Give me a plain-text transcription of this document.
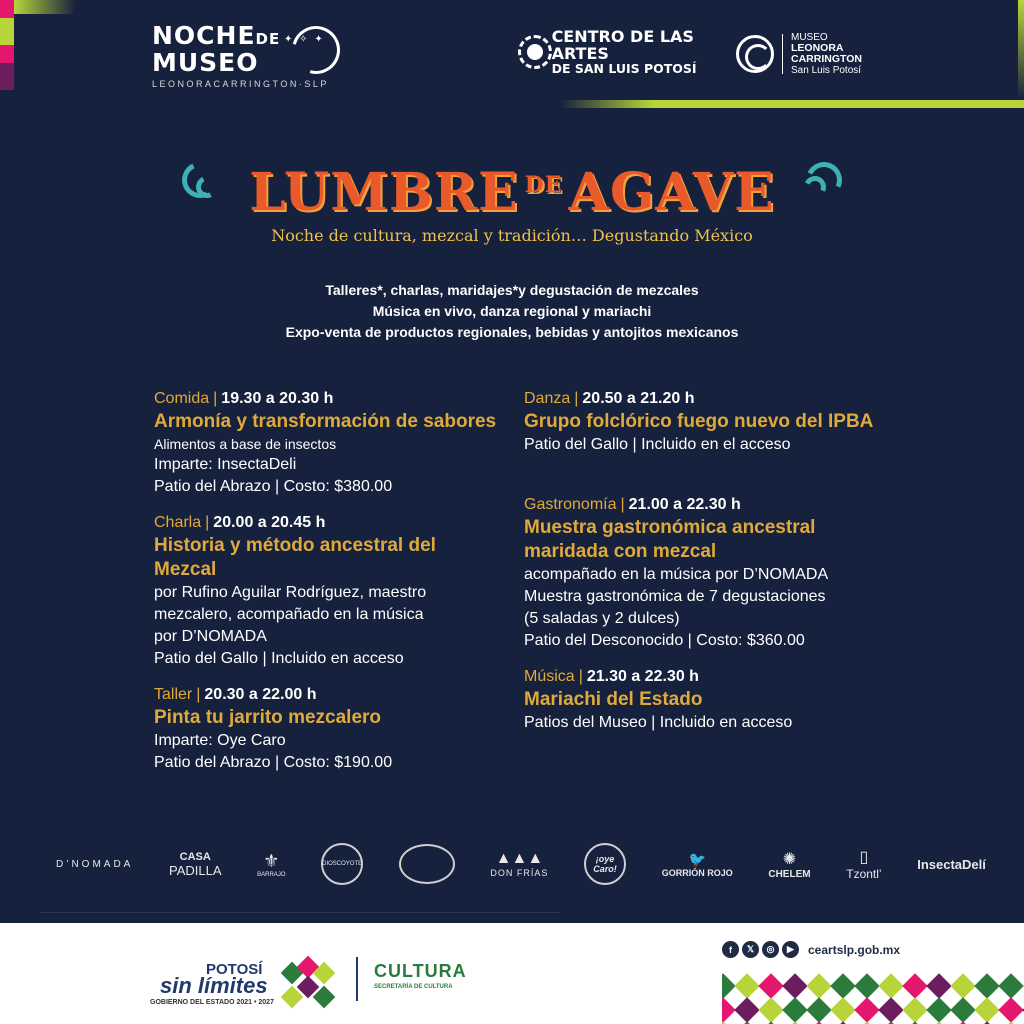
NOCHEDE
MUSEO
LEONORACARRINGTON·SLP
✦ ✧ ✦	CENTRO DE LAS ARTES
DE SAN LUIS POTOSÍ
MUSEO
LEONORA
CARRINGTON
San Luis Potosí
LUMBRE $^{DE}$ AGAVE
Noche de cultura, mezcal y tradición… Degustando México
Talleres*, charlas, maridajes*y degustación de mezcales
Música en vivo, danza regional y mariachi
Expo-venta de productos regionales, bebidas y antojitos mexicanos
Comida | 19.30 a 20.30 h
Armonía y transformación de sabores
Alimentos a base de insectos
Imparte: InsectaDeli
Patio del Abrazo | Costo: $380.00
Charla | 20.00 a 20.45 h
Historia y método ancestral del
Mezcal
por Rufino Aguilar Rodríguez, maestro
mezcalero, acompañado en la música
por D’NOMADA
Patio del Gallo | Incluido en acceso
Taller | 20.30 a 22.00 h
Pinta tu jarrito mezcalero
Imparte: Oye Caro
Patio del Abrazo | Costo: $190.00
Danza | 20.50 a 21.20 h
Grupo folclórico fuego nuevo del IPBA
Patio del Gallo | Incluido en el acceso
Gastronomía | 21.00 a 22.30 h
Muestra gastronómica ancestral
maridada con mezcal
acompañado en la música por D’NOMADA
Muestra gastronómica de 7 degustaciones
(5 saladas y 2 dulces)
Patio del Desconocido | Costo: $360.00
Música | 21.30 a 22.30 h
Mariachi del Estado
Patios del Museo | Incluido en acceso
D’NOMADA
CASA
PADILLA ⚜
BARRAJO
DIOSCOYOTE	▲▲▲
DON FRÍAS
¡oye Caro!
🐦
GORRIÓN ROJO
✺
CHELEM
▯
Tzontl’
InsectaDelí
POTOSÍ
sin límites
GOBIERNO DEL ESTADO 2021 • 2027
CULTURA
SECRETARÍA DE CULTURA
f	𝕏	◎	▶	ceartslp.gob.mx
